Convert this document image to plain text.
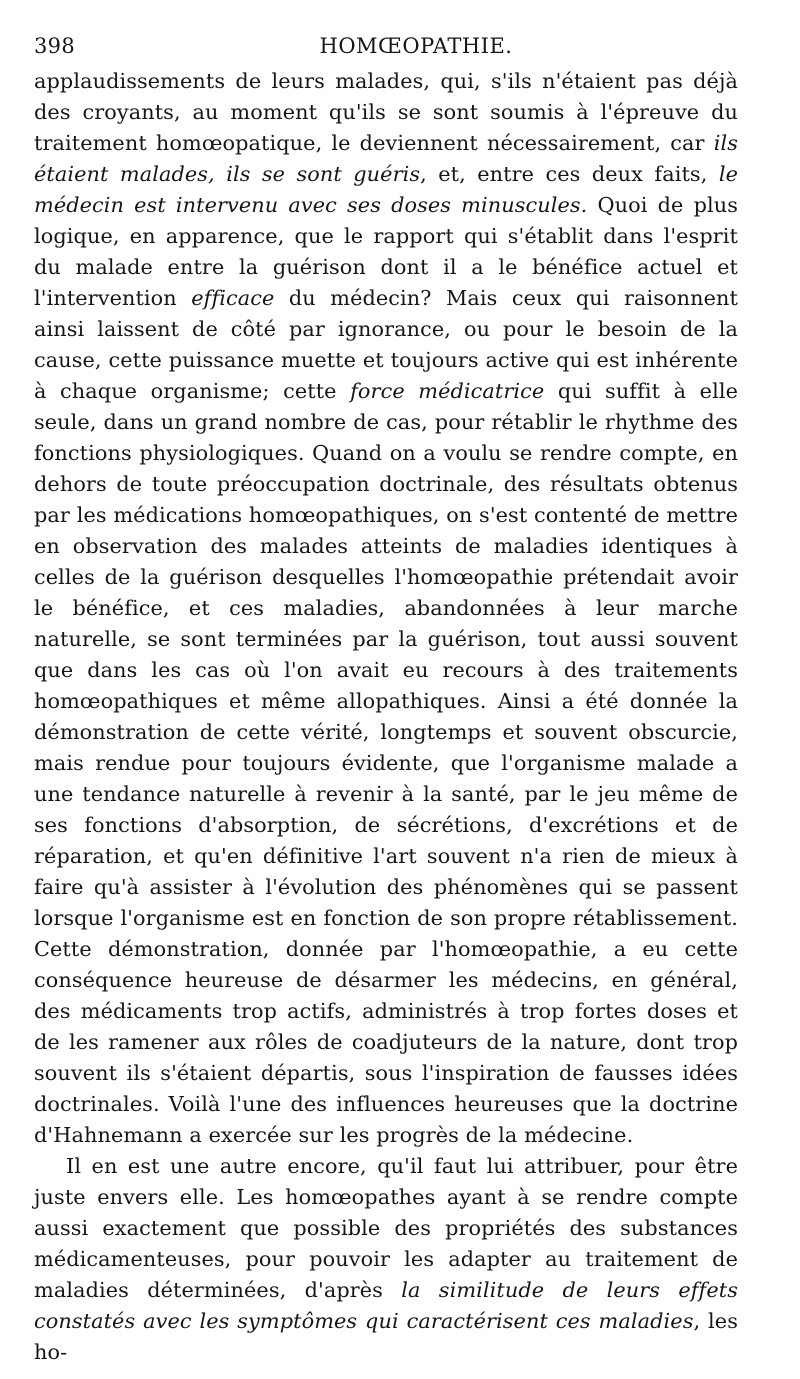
398	HOMŒOPATHIE.

applaudissements de leurs malades, qui, s'ils n'étaient pas déjà des croyants, au moment qu'ils se sont soumis à l'épreuve du traitement homœopatique, le deviennent nécessairement, car ils étaient malades, ils se sont guéris, et, entre ces deux faits, le médecin est intervenu avec ses doses minuscules. Quoi de plus logique, en apparence, que le rapport qui s'établit dans l'esprit du malade entre la guérison dont il a le bénéfice actuel et l'intervention efficace du médecin? Mais ceux qui raisonnent ainsi laissent de côté par ignorance, ou pour le besoin de la cause, cette puissance muette et toujours active qui est inhérente à chaque organisme; cette force médicatrice qui suffit à elle seule, dans un grand nombre de cas, pour rétablir le rhythme des fonctions physiologiques. Quand on a voulu se rendre compte, en dehors de toute préoccupation doctrinale, des résultats obtenus par les médications homœopathiques, on s'est contenté de mettre en observation des malades atteints de maladies identiques à celles de la guérison desquelles l'homœopathie prétendait avoir le bénéfice, et ces maladies, abandonnées à leur marche naturelle, se sont terminées par la guérison, tout aussi souvent que dans les cas où l'on avait eu recours à des traitements homœopathiques et même allopathiques. Ainsi a été donnée la démonstration de cette vérité, longtemps et souvent obscurcie, mais rendue pour toujours évidente, que l'organisme malade a une tendance naturelle à revenir à la santé, par le jeu même de ses fonctions d'absorption, de sécrétions, d'excrétions et de réparation, et qu'en définitive l'art souvent n'a rien de mieux à faire qu'à assister à l'évolution des phénomènes qui se passent lorsque l'organisme est en fonction de son propre rétablissement. Cette démonstration, donnée par l'homœopathie, a eu cette conséquence heureuse de désarmer les médecins, en général, des médicaments trop actifs, administrés à trop fortes doses et de les ramener aux rôles de coadjuteurs de la nature, dont trop souvent ils s'étaient départis, sous l'inspiration de fausses idées doctrinales. Voilà l'une des influences heureuses que la doctrine d'Hahnemann a exercée sur les progrès de la médecine.

Il en est une autre encore, qu'il faut lui attribuer, pour être juste envers elle. Les homœopathes ayant à se rendre compte aussi exactement que possible des propriétés des substances médicamenteuses, pour pouvoir les adapter au traitement de maladies déterminées, d'après la similitude de leurs effets constatés avec les symptômes qui caractérisent ces maladies, les ho-
